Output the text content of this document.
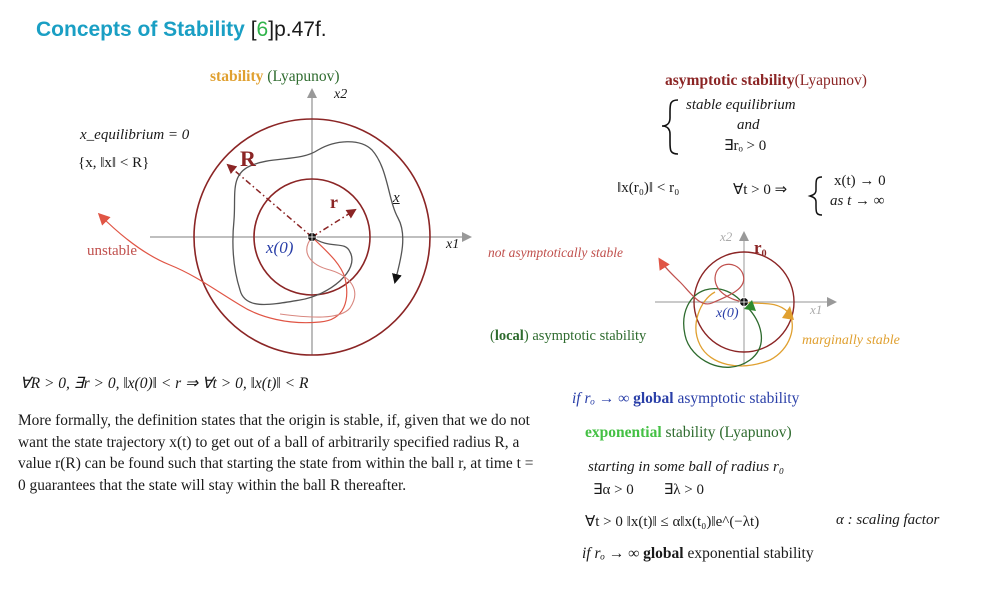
Concepts of Stability [6]p.47f.
stability (Lyapunov)
x2
x1
x_equilibrium = 0
{x, ‖x‖ < R}	R
r	x
x(0)
unstable
∀R > 0, ∃r > 0, ‖x(0)‖ < r ⇒ ∀t > 0, ‖x(t)‖ < R
More formally, the definition states that the origin is stable, if, given that we do not want the state trajectory x(t) to get out of a ball of arbitrarily specified radius R, a value r(R) can be found such that starting the state from within the ball r, at time t = 0 guarantees that the state will stay within the ball R thereafter.
asymptotic stability(Lyapunov)
stable equilibrium
and
∃rₒ > 0
‖x(r₀)‖ < r₀	∀t > 0 ⇒
x(t) → 0
as t → ∞
r₀
x2
x1
x(0)
not asymptotically stable
(local) asymptotic stability	marginally stable
if rₒ → ∞ global asymptotic stability
exponential stability (Lyapunov)
starting in some ball of radius r₀
∃α > 0        ∃λ > 0
∀t > 0 ‖x(t)‖ ≤ α‖x(t₀)‖e^(−λt)	α : scaling factor
if rₒ → ∞ global exponential stability
